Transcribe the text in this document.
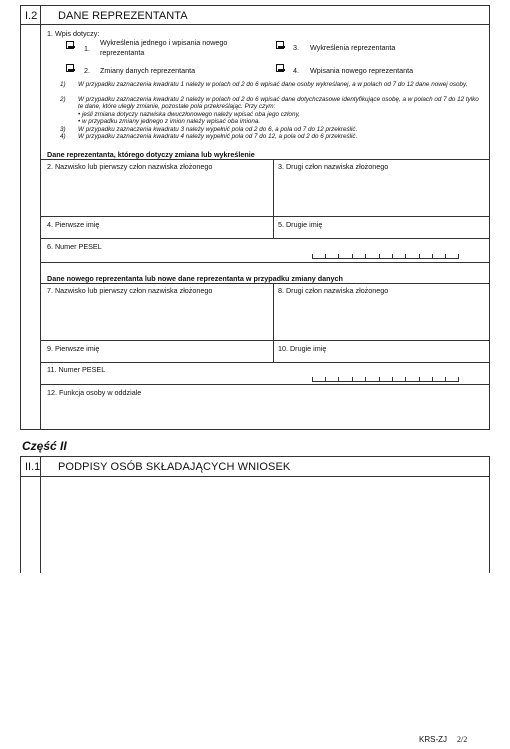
I.2 DANE REPREZENTANTA
1. Wpis dotyczy:
1.
Wykreślenia jednego i wpisania nowego reprezentanta	3. Wykreślenia reprezentanta
2. Zmiany danych reprezentanta	4. Wpisania nowego reprezentanta
1) W przypadku zaznaczenia kwadratu 1 należy w polach od 2 do 6 wpisać dane osoby wykreślanej, a w polach od 7 do 12 dane nowej osoby.
2) W przypadku zaznaczenia kwadratu 2 należy w polach od 2 do 6 wpisać dane dotychczasowe identyfikujące osobę, a w polach od 7 do 12 tylko te dane, które uległy zmianie, pozostałe pola przekreślając. Przy czym:
• jeśli zmiana dotyczy nazwiska dwuczłonowego należy wpisać oba jego człony,
• w przypadku zmiany jednego z imion należy wpisać oba imiona.
3) W przypadku zaznaczenia kwadratu 3 należy wypełnić pola od 2 do 6, a pola od 7 do 12 przekreślić.
4) W przypadku zaznaczenia kwadratu 4 należy wypełnić pola od 7 do 12, a pola od 2 do 6 przekreślić.
Dane reprezentanta, którego dotyczy zmiana lub wykreślenie
2. Nazwisko lub pierwszy człon nazwiska złożonego	3. Drugi człon nazwiska złożonego
4. Pierwsze imię	5. Drugie imię
6. Numer PESEL
Dane nowego reprezentanta lub nowe dane reprezentanta w przypadku zmiany danych
7. Nazwisko lub pierwszy człon nazwiska złożonego	8. Drugi człon nazwiska złożonego
9. Pierwsze imię	10. Drugie imię
11. Numer PESEL
12. Funkcja osoby w oddziale
Część II
II.1 PODPISY OSÓB SKŁADAJĄCYCH WNIOSEK
KRS-ZJ 2/2
